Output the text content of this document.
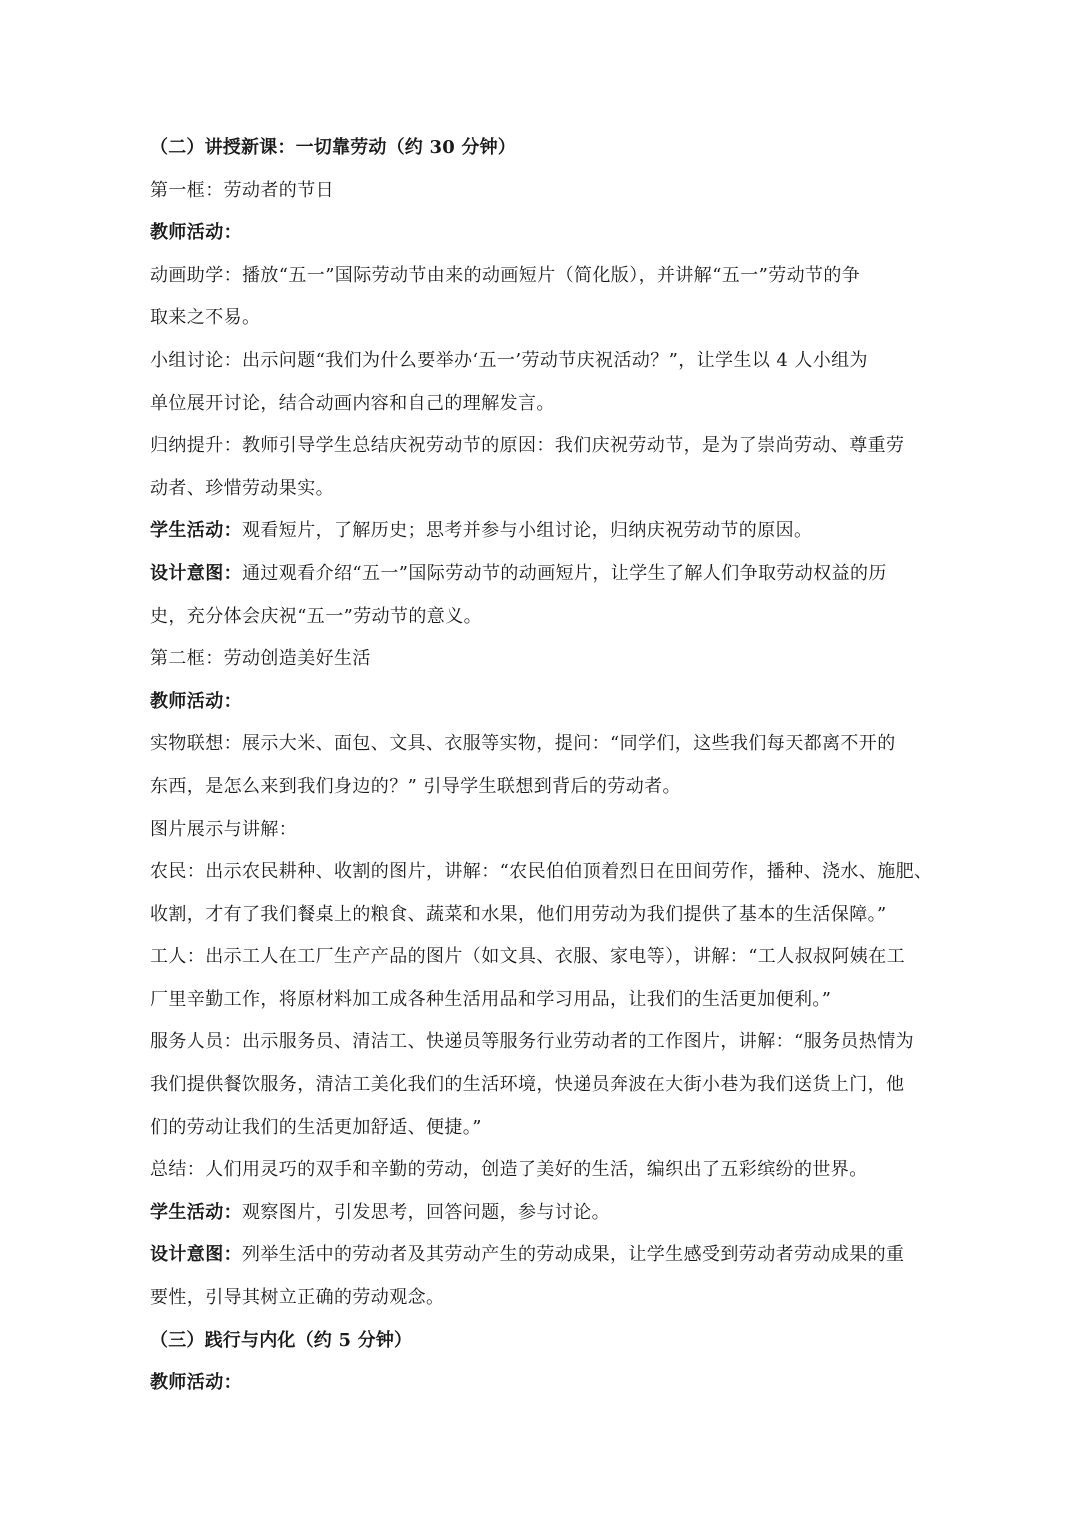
（二）讲授新课：一切靠劳动（约 30 分钟）
第一框：劳动者的节日
教师活动：
动画助学：播放“五一”国际劳动节由来的动画短片（简化版），并讲解“五一”劳动节的争
取来之不易。
小组讨论：出示问题“我们为什么要举办‘五一’劳动节庆祝活动？”，让学生以 4 人小组为
单位展开讨论，结合动画内容和自己的理解发言。
归纳提升：教师引导学生总结庆祝劳动节的原因：我们庆祝劳动节，是为了崇尚劳动、尊重劳
动者、珍惜劳动果实。
学生活动：观看短片，了解历史；思考并参与小组讨论，归纳庆祝劳动节的原因。
设计意图：通过观看介绍“五一”国际劳动节的动画短片，让学生了解人们争取劳动权益的历
史，充分体会庆祝“五一”劳动节的意义。
第二框：劳动创造美好生活
教师活动：
实物联想：展示大米、面包、文具、衣服等实物，提问：“同学们，这些我们每天都离不开的
东西，是怎么来到我们身边的？” 引导学生联想到背后的劳动者。
图片展示与讲解：
农民：出示农民耕种、收割的图片，讲解：“农民伯伯顶着烈日在田间劳作，播种、浇水、施肥、
收割，才有了我们餐桌上的粮食、蔬菜和水果，他们用劳动为我们提供了基本的生活保障。”
工人：出示工人在工厂生产产品的图片（如文具、衣服、家电等），讲解：“工人叔叔阿姨在工
厂里辛勤工作，将原材料加工成各种生活用品和学习用品，让我们的生活更加便利。”
服务人员：出示服务员、清洁工、快递员等服务行业劳动者的工作图片，讲解：“服务员热情为
我们提供餐饮服务，清洁工美化我们的生活环境，快递员奔波在大街小巷为我们送货上门，他
们的劳动让我们的生活更加舒适、便捷。”
总结：人们用灵巧的双手和辛勤的劳动，创造了美好的生活，编织出了五彩缤纷的世界。
学生活动：观察图片，引发思考，回答问题，参与讨论。
设计意图：列举生活中的劳动者及其劳动产生的劳动成果，让学生感受到劳动者劳动成果的重
要性，引导其树立正确的劳动观念。
（三）践行与内化（约 5 分钟）
教师活动：
